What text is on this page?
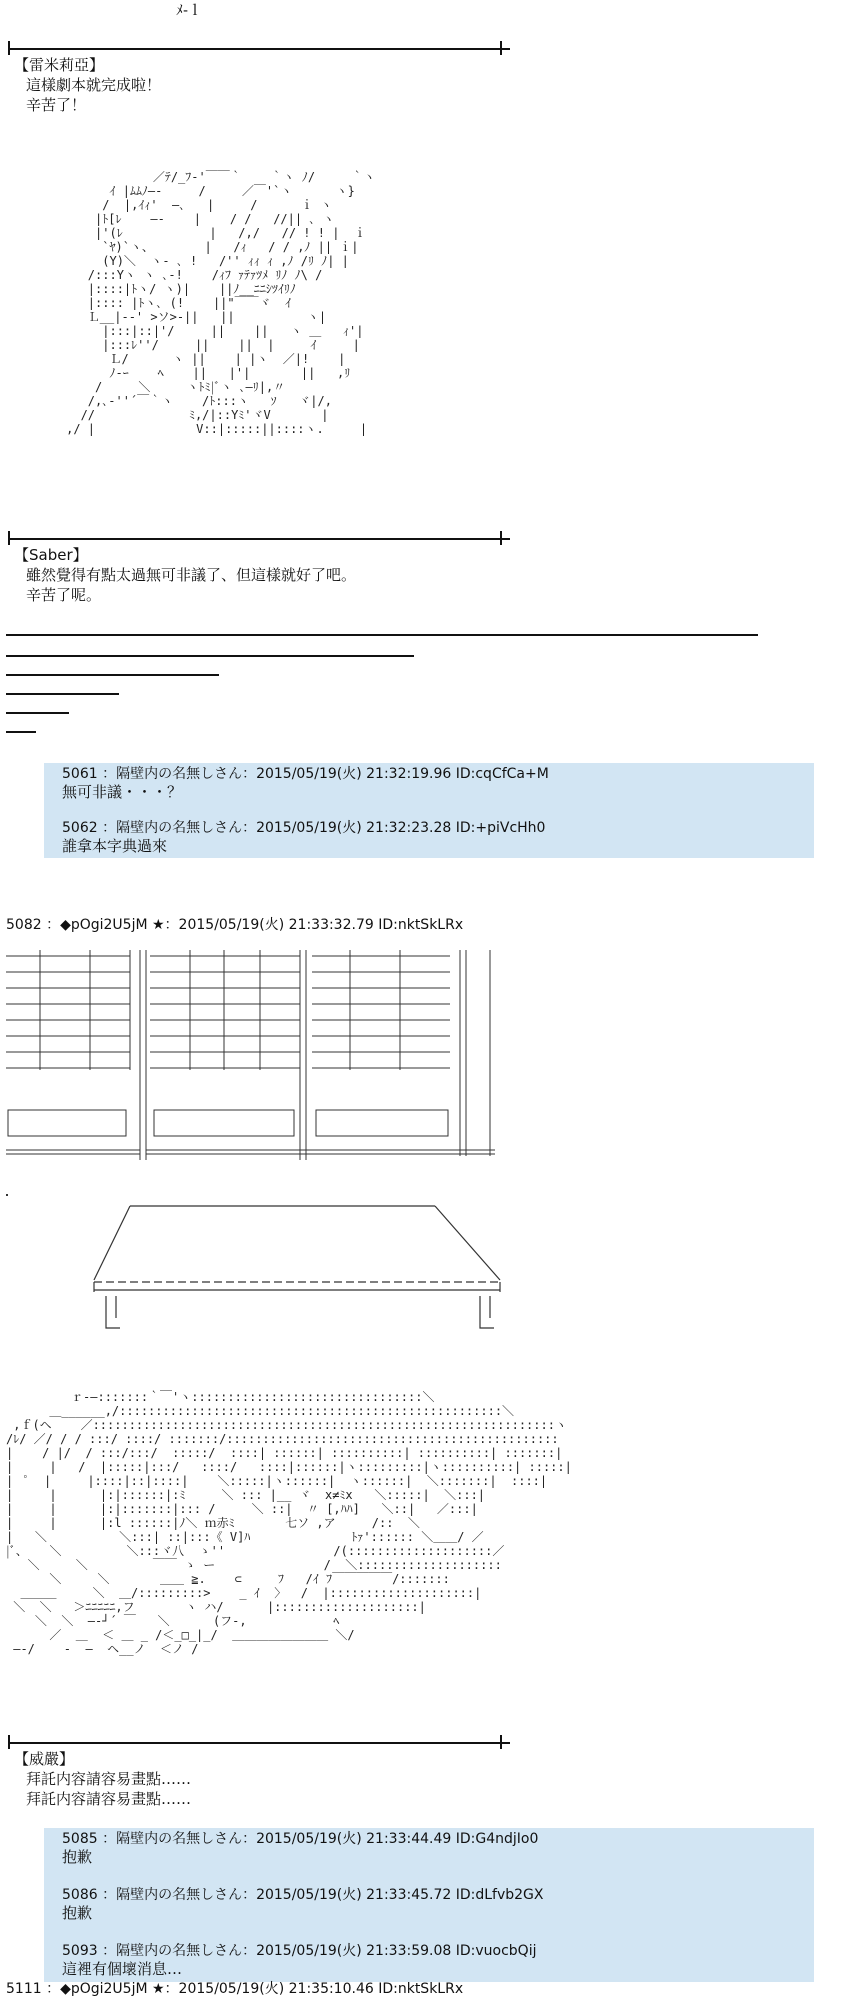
ﾒ-ｌ
【雷米莉亞】
這樣劇本就完成啦！
辛苦了！
／ﾃ/_ﾌ‐'￣￣｀    ｀ヽ ﾉ/     ｀ヽ
ｲ |ﾑﾑﾉ―‐     /     ／￣'`ヽ      ヽ}
/  |,ｲｨ'  ―､   |     /      ｉ ヽ
|ﾄ[ﾚ    ―‐    |    / /   //|| ､ ヽ
|'(ﾚ            |   /,/   // ! ! |  ｉ
`ﾔ)`ヽ、       |   /ｨ   / / ,ﾉ || ｉ|
(Y)＼  ヽ- ､ !   /'' ｨｨ ｨ ,ﾉ /ﾘ ﾉ| |
/:::Yヽ ヽ ､-!    /ｨﾌ ｧﾃｧﾂﾒ ﾘﾉ ﾉ\ /
|::::|ﾄヽ/ ヽ)|    ||ﾉ__ﾆﾆｼﾂｲﾘﾉ
|:::: |ﾄヽ､ (!    ||"￣￣ヾ  ｲ
Ｌ__|--' >ソ>-||   ||          ヽ|
|:::|::|'/     ||    ||   ヽ ＿   ｨ'|
|:::ﾚ''/     ||    ||  |     ｲ     |
Ｌ/      ヽ ||    | |ヽ  ／|!    |
ﾉ-ｰ    ﾍ    ||   |'|       ||   ,ﾘ
/     ＼     ヽﾄﾐ|ﾞヽ ､―ﾘ|,〃
/,､-''´￣｀ヽ    /ﾄ:::ヽ   ｿ   ヾ|/,
//             ﾐ,/|::Yﾐ'ヾV       |
,/ |              V::|:::::||::::ヽ.     |
【Saber】
雖然覺得有點太過無可非議了、但這樣就好了吧。
辛苦了呢。
5061 ：隔壁内の名無しさん：2015/05/19(火) 21:32:19.96 ID:cqCfCa+M
無可非議・・・？
5062 ：隔壁内の名無しさん：2015/05/19(火) 21:32:23.28 ID:+piVcHh0
誰拿本字典過來
5082 ：◆pOgi2U5jM ★：2015/05/19(火) 21:33:32.79 ID:nktSkLRx
ｒ‐―:::::::｀￣'ヽ::::::::::::::::::::::::::::::::＼
＿______,/:::::::::::::::::::::::::::::::::::::::::::::::::::::＼
,ｆ(ヘ    ／::::::::::::::::::::::::::::::::::::::::::::::::::::::::::::::::ヽ
/ﾚ/ ／/ / / :::/ ::::/ :::::::/::::::::::::::::::::::::::::::::::::::::::::::
|    / |/  / :::/:::/  :::::/  ::::| ::::::| ::::::::::| ::::::::::| :::::::|
|     |   /  |:::::|:::/   ::::/   ::::|::::::|ヽ:::::::::|ヽ::::::::::| :::::|
|  ﾟ  |     |::::|::|::::|    ＼:::::|ヽ::::::|  ヽ::::::|  ＼:::::::|  ::::|
|     |      |:|::::::|:ﾐ     ＼ ::: |__ ヾ  x≠ﾐx   ＼:::::|  ＼:::|
|     |      |:|:::::::|::: /     ＼ ::|  〃 [,ﾊﾊ]   ＼::|   ／:::|
|     |      |:l ::::::|ﾉ＼ ｍ赤ﾐ       七ソ ,ア     /::  ＼
|   ＼          ＼:::| ::|:::《 V]ﾊ              ﾄｧ':::::: ＼＿＿/ ／
|ﾞ、   ＼         ＼:::ヾ八  ゝ''               /(::::::::::::::::::::／
＼     ＼         ￣￣ ゝ ー               /  ＼::::::::::::::::::::
＼     ＼       ＿＿ ≧.    ⊂     ﾌ   /ｲ ﾌ￣￣￣￣￣/:::::::
＿＿＿     ＼  ＿/:::::::::>    _ ｲ  〉  /  |::::::::::::::::::::|
＼  ＼   ＞ﾆﾆﾆﾆﾆ,フ       ヽ ハ/      |::::::::::::::::::::|
＼  ＼  ―‐┘´ ￣   ＼      (フ-,            ﾍ
／  ＿  ＜ ＿ _ /＜_□_|_/  ＿＿＿＿＿＿＿＿ ＼/
―‐/    ‐  ―  ヘ__ノ  ＜ノ /
【威嚴】
拜託内容請容易畫點……
拜託内容請容易畫點……
5085 ：隔壁内の名無しさん：2015/05/19(火) 21:33:44.49 ID:G4ndjIo0
抱歉
5086 ：隔壁内の名無しさん：2015/05/19(火) 21:33:45.72 ID:dLfvb2GX
抱歉
5093 ：隔壁内の名無しさん：2015/05/19(火) 21:33:59.08 ID:vuocbQij
這裡有個壞消息…
5111 ：◆pOgi2U5jM ★：2015/05/19(火) 21:35:10.46 ID:nktSkLRx
